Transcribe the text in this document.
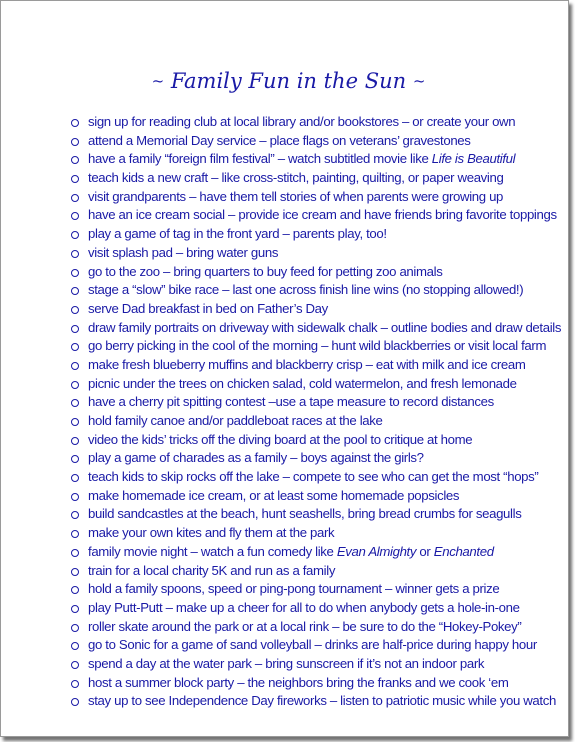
~ Family Fun in the Sun ~
sign up for reading club at local library and/or bookstores – or create your own
attend a Memorial Day service – place flags on veterans’ gravestones
have a family “foreign film festival” – watch subtitled movie like Life is Beautiful
teach kids a new craft – like cross-stitch, painting, quilting, or paper weaving
visit grandparents – have them tell stories of when parents were growing up
have an ice cream social – provide ice cream and have friends bring favorite toppings
play a game of tag in the front yard – parents play, too!
visit splash pad – bring water guns
go to the zoo – bring quarters to buy feed for petting zoo animals
stage a “slow” bike race – last one across finish line wins (no stopping allowed!)
serve Dad breakfast in bed on Father’s Day
draw family portraits on driveway with sidewalk chalk – outline bodies and draw details
go berry picking in the cool of the morning – hunt wild blackberries or visit local farm
make fresh blueberry muffins and blackberry crisp – eat with milk and ice cream
picnic under the trees on chicken salad, cold watermelon, and fresh lemonade
have a cherry pit spitting contest –use a tape measure to record distances
hold family canoe and/or paddleboat races at the lake
video the kids’ tricks off the diving board at the pool to critique at home
play a game of charades as a family – boys against the girls?
teach kids to skip rocks off the lake – compete to see who can get the most “hops”
make homemade ice cream, or at least some homemade popsicles
build sandcastles at the beach, hunt seashells, bring bread crumbs for seagulls
make your own kites and fly them at the park
family movie night – watch a fun comedy like Evan Almighty or Enchanted
train for a local charity 5K and run as a family
hold a family spoons, speed or ping-pong tournament – winner gets a prize
play Putt-Putt – make up a cheer for all to do when anybody gets a hole-in-one
roller skate around the park or at a local rink – be sure to do the “Hokey-Pokey”
go to Sonic for a game of sand volleyball – drinks are half-price during happy hour
spend a day at the water park – bring sunscreen if it’s not an indoor park
host a summer block party – the neighbors bring the franks and we cook ‘em
stay up to see Independence Day fireworks – listen to patriotic music while you watch
